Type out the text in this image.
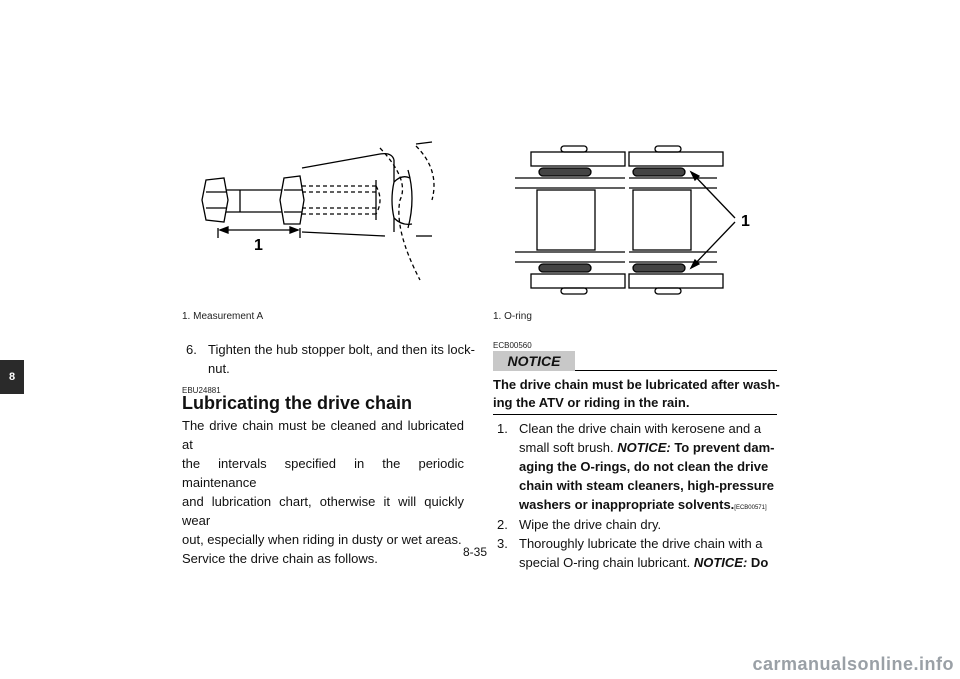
8
1
1
1. Measurement A	1. O-ring
6. Tighten the hub stopper bolt, and then its lock-
nut.
EBU24881
Lubricating the drive chain
The drive chain must be cleaned and lubricated at
the intervals specified in the periodic maintenance
and lubrication chart, otherwise it will quickly wear
out, especially when riding in dusty or wet areas.
Service the drive chain as follows.
ECB00560
NOTICE
The drive chain must be lubricated after wash-
ing the ATV or riding in the rain.
1. Clean the drive chain with kerosene and a
small soft brush. NOTICE: To prevent dam-
aging the O-rings, do not clean the drive
chain with steam cleaners, high-pressure
washers or inappropriate solvents.[ECB00571]
2. Wipe the drive chain dry.
3. Thoroughly lubricate the drive chain with a
special O-ring chain lubricant. NOTICE: Do
8-35
carmanualsonline.info
